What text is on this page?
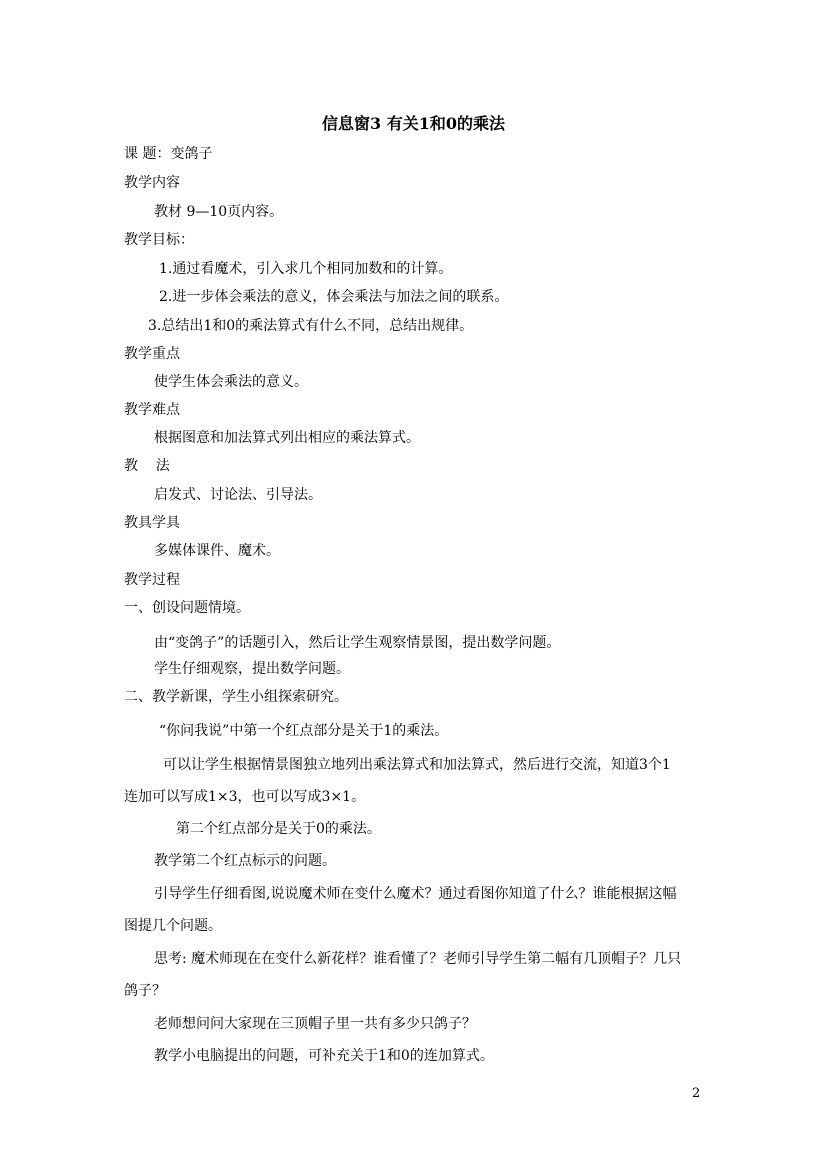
信息窗3 有关1和0的乘法
课 题：变鸽子
教学内容
教材 9—10页内容。
教学目标：
1.通过看魔术，引入求几个相同加数和的计算。
2.进一步体会乘法的意义，体会乘法与加法之间的联系。
3.总结出1和0的乘法算式有什么不同，总结出规律。
教学重点
使学生体会乘法的意义。
教学难点
根据图意和加法算式列出相应的乘法算式。
教    法
启发式、讨论法、引导法。
教具学具
多媒体课件、魔术。
教学过程
一、创设问题情境。
由“变鸽子”的话题引入，然后让学生观察情景图，提出数学问题。
学生仔细观察，提出数学问题。
二、教学新课，学生小组探索研究。
“你问我说”中第一个红点部分是关于1的乘法。
可以让学生根据情景图独立地列出乘法算式和加法算式，然后进行交流，知道3个1
连加可以写成1×3，也可以写成3×1。
第二个红点部分是关于0的乘法。
教学第二个红点标示的问题。
引导学生仔细看图,说说魔术师在变什么魔术？通过看图你知道了什么？谁能根据这幅
图提几个问题。
思考: 魔术师现在在变什么新花样？谁看懂了？老师引导学生第二幅有几顶帽子？几只
鸽子？
老师想问问大家现在三顶帽子里一共有多少只鸽子？
教学小电脑提出的问题，可补充关于1和0的连加算式。
2
